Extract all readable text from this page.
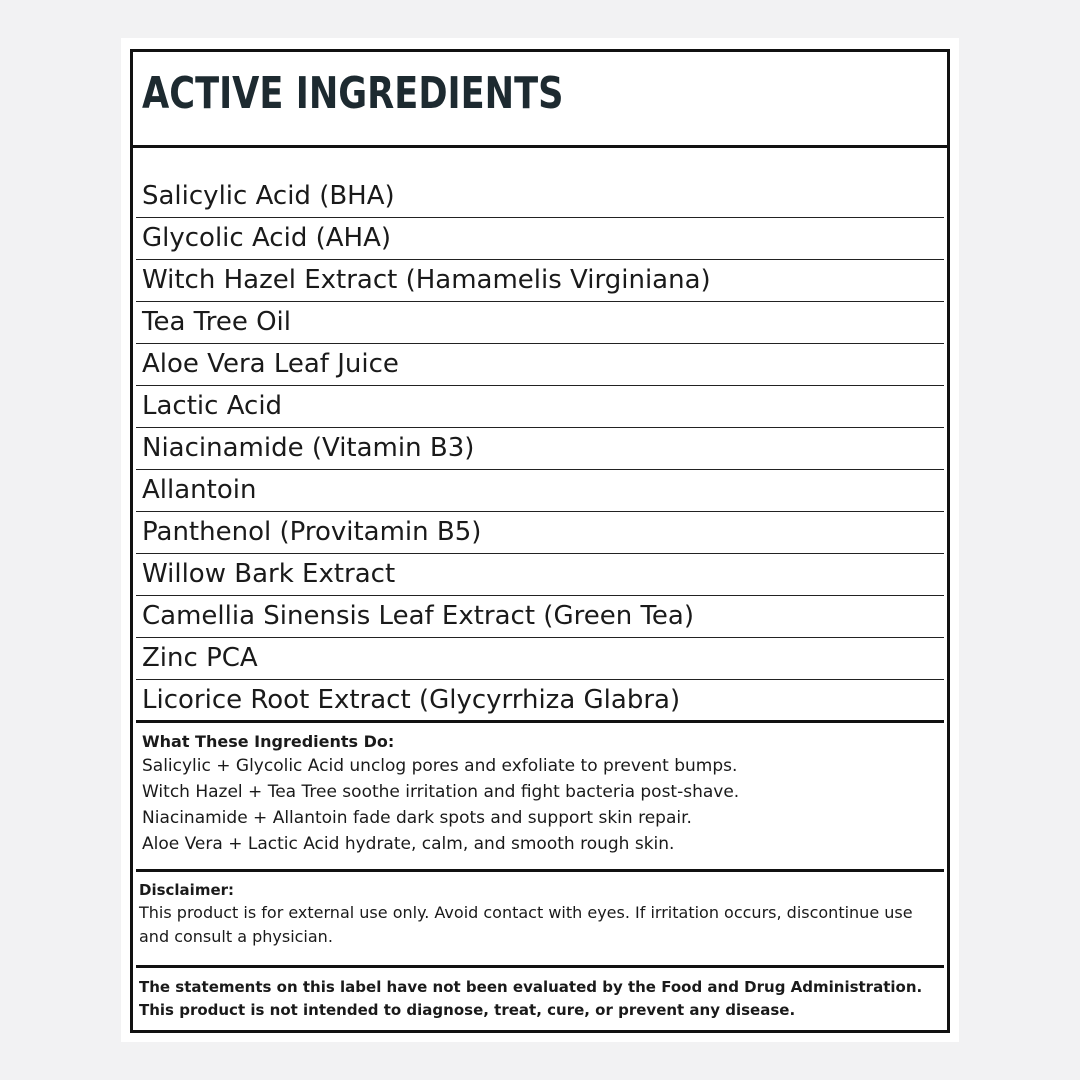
ACTIVE INGREDIENTS
Salicylic Acid (BHA)
Glycolic Acid (AHA)
Witch Hazel Extract (Hamamelis Virginiana)
Tea Tree Oil
Aloe Vera Leaf Juice
Lactic Acid
Niacinamide (Vitamin B3)
Allantoin
Panthenol (Provitamin B5)
Willow Bark Extract
Camellia Sinensis Leaf Extract (Green Tea)
Zinc PCA
Licorice Root Extract (Glycyrrhiza Glabra)

What These Ingredients Do:

Salicylic + Glycolic Acid unclog pores and exfoliate to prevent bumps.

Witch Hazel + Tea Tree soothe irritation and fight bacteria post-shave.

Niacinamide + Allantoin fade dark spots and support skin repair.

Aloe Vera + Lactic Acid hydrate, calm, and smooth rough skin.

Disclaimer:

This product is for external use only. Avoid contact with eyes. If irritation occurs, discontinue use and consult a physician.

The statements on this label have not been evaluated by the Food and Drug Administration.

This product is not intended to diagnose, treat, cure, or prevent any disease.
